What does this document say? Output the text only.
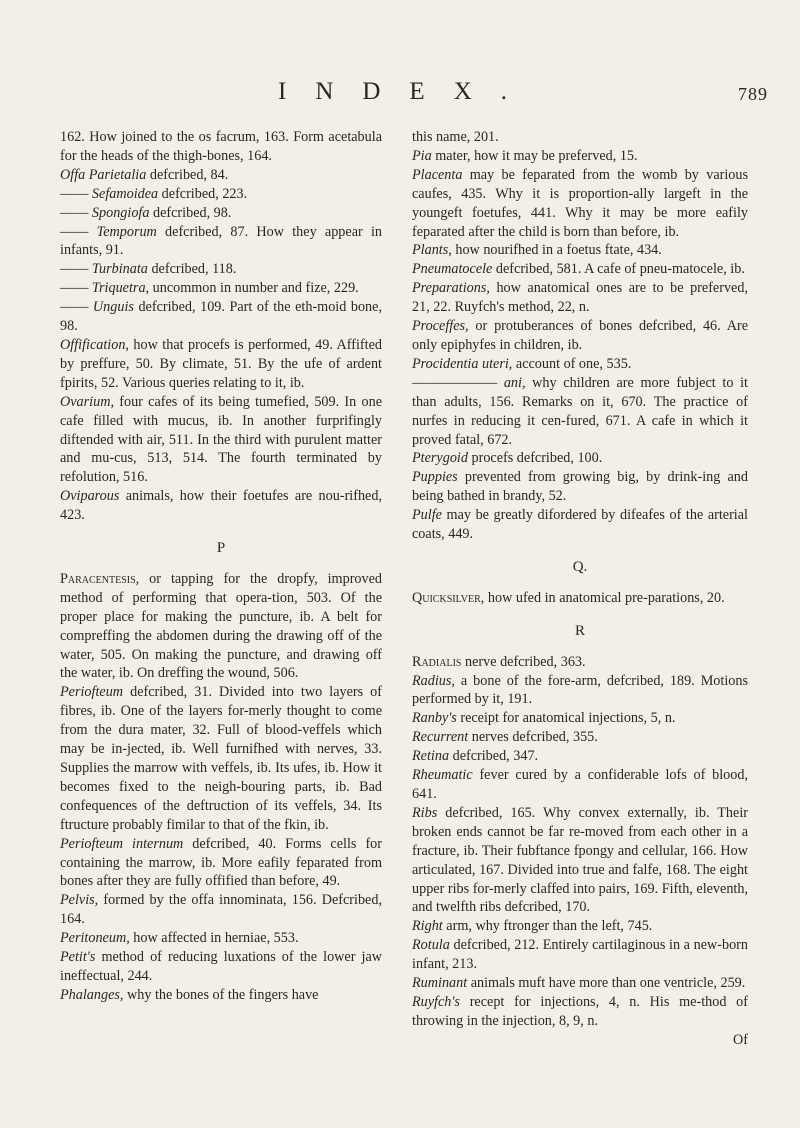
INDEX.	789

162. How joined to the os facrum, 163. Form acetabula for the heads of the thigh-bones, 164.

Offa Parietalia defcribed, 84.

—— Sefamoidea defcribed, 223.

—— Spongiofa defcribed, 98.

—— Temporum defcribed, 87. How they appear in infants, 91.

—— Turbinata defcribed, 118.

—— Triquetra, uncommon in number and fize, 229.

—— Unguis defcribed, 109. Part of the eth-moid bone, 98.

Offification, how that procefs is performed, 49. Affifted by preffure, 50. By climate, 51. By the ufe of ardent fpirits, 52. Various queries relating to it, ib.

Ovarium, four cafes of its being tumefied, 509. In one cafe filled with mucus, ib. In another furprifingly diftended with air, 511. In the third with purulent matter and mu-cus, 513, 514. The fourth terminated by refolution, 516.

Oviparous animals, how their foetufes are nou-rifhed, 423.

P

Paracentesis, or tapping for the dropfy, improved method of performing that opera-tion, 503. Of the proper place for making the puncture, ib. A belt for compreffing the abdomen during the drawing off of the water, 505. On making the puncture, and drawing off the water, ib. On dreffing the wound, 506.

Periofteum defcribed, 31. Divided into two layers of fibres, ib. One of the layers for-merly thought to come from the dura mater, 32. Full of blood-veffels which may be in-jected, ib. Well furnifhed with nerves, 33. Supplies the marrow with veffels, ib. Its ufes, ib. How it becomes fixed to the neigh-bouring parts, ib. Bad confequences of the deftruction of its veffels, 34. Its ftructure probably fimilar to that of the fkin, ib.

Periofteum internum defcribed, 40. Forms cells for containing the marrow, ib. More eafily feparated from bones after they are fully offified than before, 49.

Pelvis, formed by the offa innominata, 156. Defcribed, 164.

Peritoneum, how affected in herniae, 553.

Petit's method of reducing luxations of the lower jaw ineffectual, 244.

Phalanges, why the bones of the fingers have

this name, 201.

Pia mater, how it may be preferved, 15.

Placenta may be feparated from the womb by various caufes, 435. Why it is proportion-ally largeft in the youngeft foetufes, 441. Why it may be more eafily feparated after the child is born than before, ib.

Plants, how nourifhed in a foetus ftate, 434.

Pneumatocele defcribed, 581. A cafe of pneu-matocele, ib.

Preparations, how anatomical ones are to be preferved, 21, 22. Ruyfch's method, 22, n.

Proceffes, or protuberances of bones defcribed, 46. Are only epiphyfes in children, ib.

Procidentia uteri, account of one, 535.

—————— ani, why children are more fubject to it than adults, 156. Remarks on it, 670. The practice of nurfes in reducing it cen-fured, 671. A cafe in which it proved fatal, 672.

Pterygoid procefs defcribed, 100.

Puppies prevented from growing big, by drink-ing and being bathed in brandy, 52.

Pulfe may be greatly difordered by difeafes of the arterial coats, 449.

Q.

Quicksilver, how ufed in anatomical pre-parations, 20.

R

Radialis nerve defcribed, 363.

Radius, a bone of the fore-arm, defcribed, 189. Motions performed by it, 191.

Ranby's receipt for anatomical injections, 5, n.

Recurrent nerves defcribed, 355.

Retina defcribed, 347.

Rheumatic fever cured by a confiderable lofs of blood, 641.

Ribs defcribed, 165. Why convex externally, ib. Their broken ends cannot be far re-moved from each other in a fracture, ib. Their fubftance fpongy and cellular, 166. How articulated, 167. Divided into true and falfe, 168. The eight upper ribs for-merly claffed into pairs, 169. Fifth, eleventh, and twelfth ribs defcribed, 170.

Right arm, why ftronger than the left, 745.

Rotula defcribed, 212. Entirely cartilaginous in a new-born infant, 213.

Ruminant animals muft have more than one ventricle, 259.

Ruyfch's recept for injections, 4, n. His me-thod of throwing in the injection, 8, 9, n.

Of
